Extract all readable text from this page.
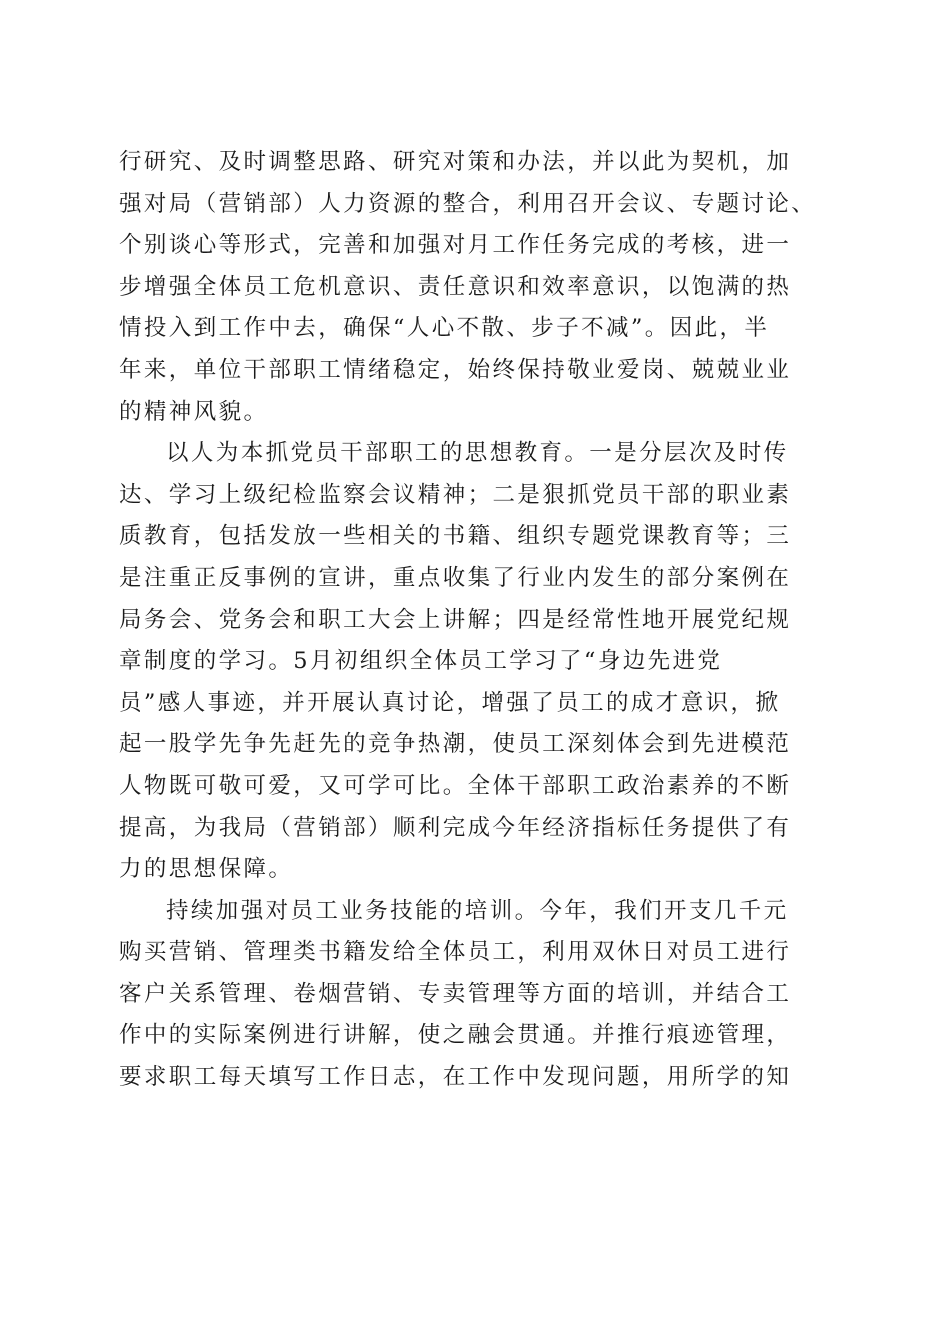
行研究、及时调整思路、研究对策和办法，并以此为契机，加
强对局（营销部）人力资源的整合，利用召开会议、专题讨论、
个别谈心等形式，完善和加强对月工作任务完成的考核，进一
步增强全体员工危机意识、责任意识和效率意识，以饱满的热
情投入到工作中去，确保“人心不散、步子不减”。因此，半
年来，单位干部职工情绪稳定，始终保持敬业爱岗、兢兢业业
的精神风貌。
以人为本抓党员干部职工的思想教育。一是分层次及时传
达、学习上级纪检监察会议精神；二是狠抓党员干部的职业素
质教育，包括发放一些相关的书籍、组织专题党课教育等；三
是注重正反事例的宣讲，重点收集了行业内发生的部分案例在
局务会、党务会和职工大会上讲解；四是经常性地开展党纪规
章制度的学习。5月初组织全体员工学习了“身边先进党
员”感人事迹，并开展认真讨论，增强了员工的成才意识，掀
起一股学先争先赶先的竞争热潮，使员工深刻体会到先进模范
人物既可敬可爱，又可学可比。全体干部职工政治素养的不断
提高，为我局（营销部）顺利完成今年经济指标任务提供了有
力的思想保障。
持续加强对员工业务技能的培训。今年，我们开支几千元
购买营销、管理类书籍发给全体员工，利用双休日对员工进行
客户关系管理、卷烟营销、专卖管理等方面的培训，并结合工
作中的实际案例进行讲解，使之融会贯通。并推行痕迹管理，
要求职工每天填写工作日志，在工作中发现问题，用所学的知
